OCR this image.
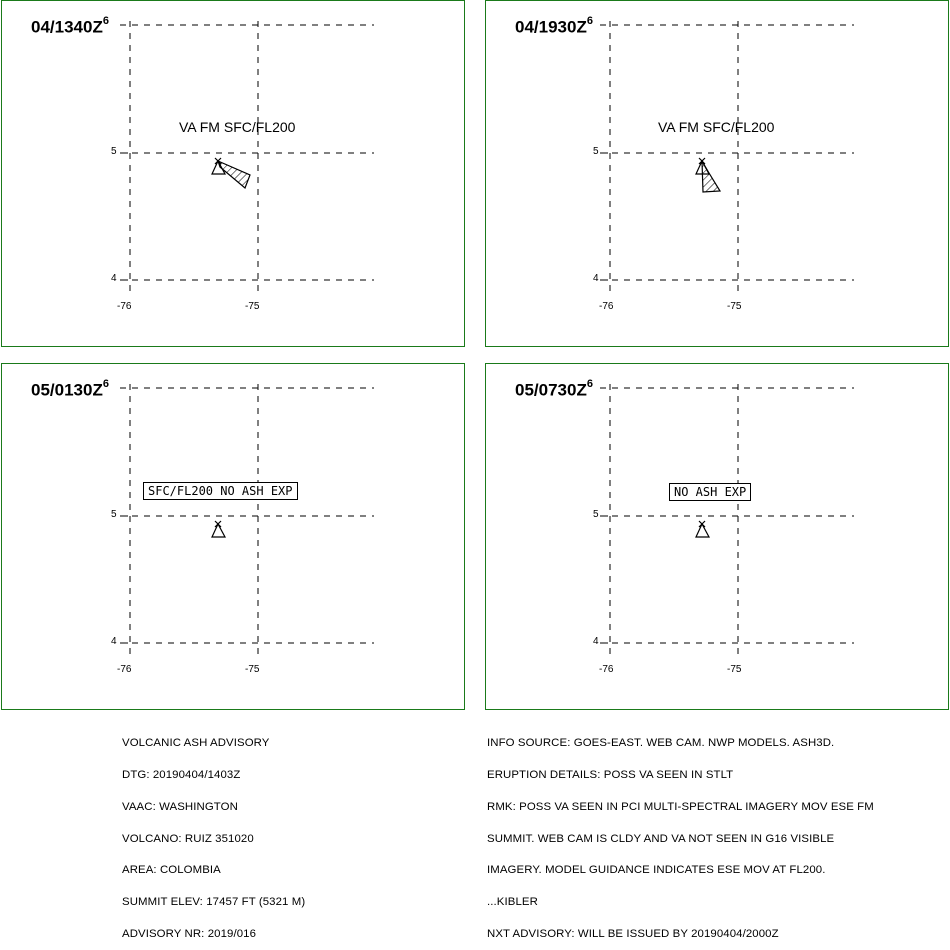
$04/1340Z^6$
VA FM SFC/FL200
5
4
-76	-75
$04/1930Z^6$
VA FM SFC/FL200
5
4
-76	-75
$05/0130Z^6$
SFC/FL200 NO ASH EXP
5
4
-76	-75
$05/0730Z^6$
NO ASH EXP
5
4
-76	-75

VOLCANIC ASH ADVISORY

DTG: 20190404/1403Z

VAAC: WASHINGTON

VOLCANO: RUIZ 351020

AREA: COLOMBIA

SUMMIT ELEV: 17457 FT (5321 M)

ADVISORY NR: 2019/016

INFO SOURCE: GOES-EAST. WEB CAM. NWP MODELS. ASH3D.

ERUPTION DETAILS: POSS VA SEEN IN STLT

RMK: POSS VA SEEN IN PCI MULTI-SPECTRAL IMAGERY MOV ESE FM

SUMMIT. WEB CAM IS CLDY AND VA NOT SEEN IN G16 VISIBLE

IMAGERY. MODEL GUIDANCE INDICATES ESE MOV AT FL200.

...KIBLER

NXT ADVISORY: WILL BE ISSUED BY 20190404/2000Z
